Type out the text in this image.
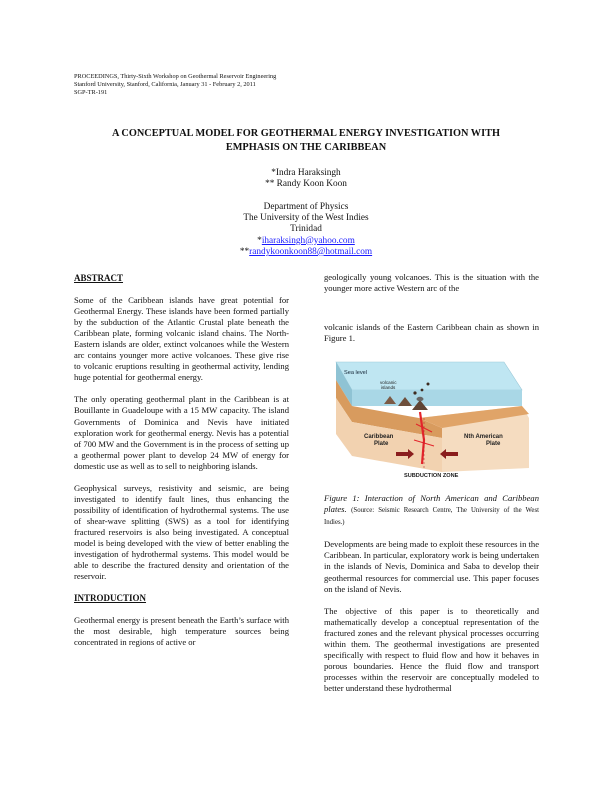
PROCEEDINGS, Thirty-Sixth Workshop on Geothermal Reservoir Engineering
Stanford University, Stanford, California, January 31 - February 2, 2011
SGP-TR-191
A CONCEPTUAL MODEL FOR GEOTHERMAL ENERGY INVESTIGATION WITH
EMPHASIS ON THE CARIBBEAN
*Indra Haraksingh
** Randy Koon Koon
Department of Physics
The University of the West Indies
Trinidad
*iharaksingh@yahoo.com
**randykoonkoon88@hotmail.com

ABSTRACT

Some of the Caribbean islands have great potential for Geothermal Energy. These islands have been formed partially by the subduction of the Atlantic Crustal plate beneath the Caribbean plate, forming volcanic island chains. The North-Eastern islands are older, extinct volcanoes while the Western arc contains younger more active volcanoes. These give rise to volcanic eruptions resulting in geothermal activity, lending huge potential for geothermal energy.

The only operating geothermal plant in the Caribbean is at Bouillante in Guadeloupe with a 15 MW capacity. The island Governments of Dominica and Nevis have initiated exploration work for geothermal energy. Nevis has a potential of 700 MW and the Government is in the process of setting up a geothermal power plant to develop 24 MW of energy for domestic use as well as to sell to neighboring islands.

Geophysical surveys, resistivity and seismic, are being investigated to identify fault lines, thus enhancing the possibility of identification of hydrothermal systems. The use of shear-wave splitting (SWS) as a tool for identifying fractured reservoirs is also being investigated. A conceptual model is being developed with the view of better enabling the investigation of hydrothermal systems. This model would be able to describe the fractured density and orientation of the reservoir.

INTRODUCTION

Geothermal energy is present beneath the Earth’s surface with the most desirable, high temperature sources being concentrated in regions of active or

geologically young volcanoes. This is the situation with the younger more active Western arc of the

volcanic islands of the Eastern Caribbean chain as shown in Figure 1.

Sea level
volcanic
islands
Caribbean
Plate
Nth American
Plate
SUBDUCTION ZONE

Figure 1: Interaction of North American and Caribbean plates. (Source: Seismic Research Centre, The University of the West Indies.)

Developments are being made to exploit these resources in the Caribbean. In particular, exploratory work is being undertaken in the islands of Nevis, Dominica and Saba to develop their geothermal resources for commercial use. This paper focuses on the island of Nevis.

The objective of this paper is to theoretically and mathematically develop a conceptual representation of the fractured zones and the relevant physical processes occurring within them. The geothermal investigations are presented specifically with respect to fluid flow and how it behaves in porous boundaries. Hence the fluid flow and transport processes within the reservoir are conceptually modeled to better understand these hydrothermal
